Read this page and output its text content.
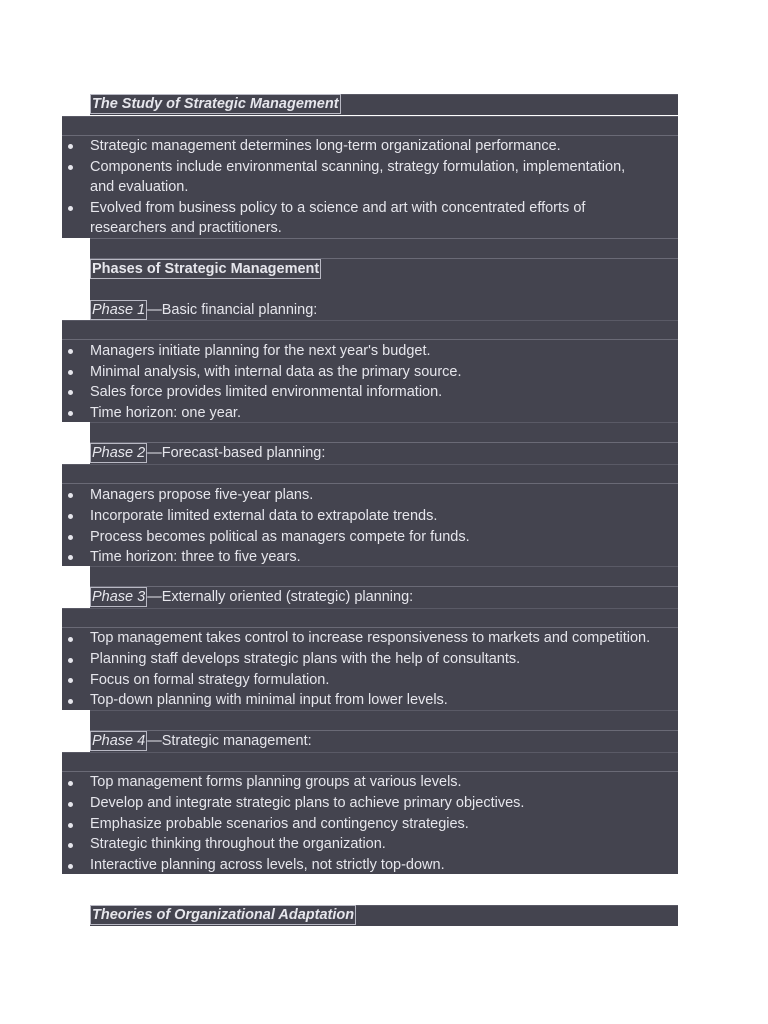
The Study of Strategic Management
Strategic management determines long-term organizational performance.
Components include environmental scanning, strategy formulation, implementation,
and evaluation.
Evolved from business policy to a science and art with concentrated efforts of
researchers and practitioners.
Phases of Strategic Management
Phase 1 —Basic financial planning:
Managers initiate planning for the next year's budget.
Minimal analysis, with internal data as the primary source.
Sales force provides limited environmental information.
Time horizon: one year.
Phase 2 —Forecast-based planning:
Managers propose five-year plans.
Incorporate limited external data to extrapolate trends.
Process becomes political as managers compete for funds.
Time horizon: three to five years.
Phase 3 —Externally oriented (strategic) planning:
Top management takes control to increase responsiveness to markets and competition.
Planning staff develops strategic plans with the help of consultants.
Focus on formal strategy formulation.
Top-down planning with minimal input from lower levels.
Phase 4 —Strategic management:
Top management forms planning groups at various levels.
Develop and integrate strategic plans to achieve primary objectives.
Emphasize probable scenarios and contingency strategies.
Strategic thinking throughout the organization.
Interactive planning across levels, not strictly top-down.
Theories of Organizational Adaptation
